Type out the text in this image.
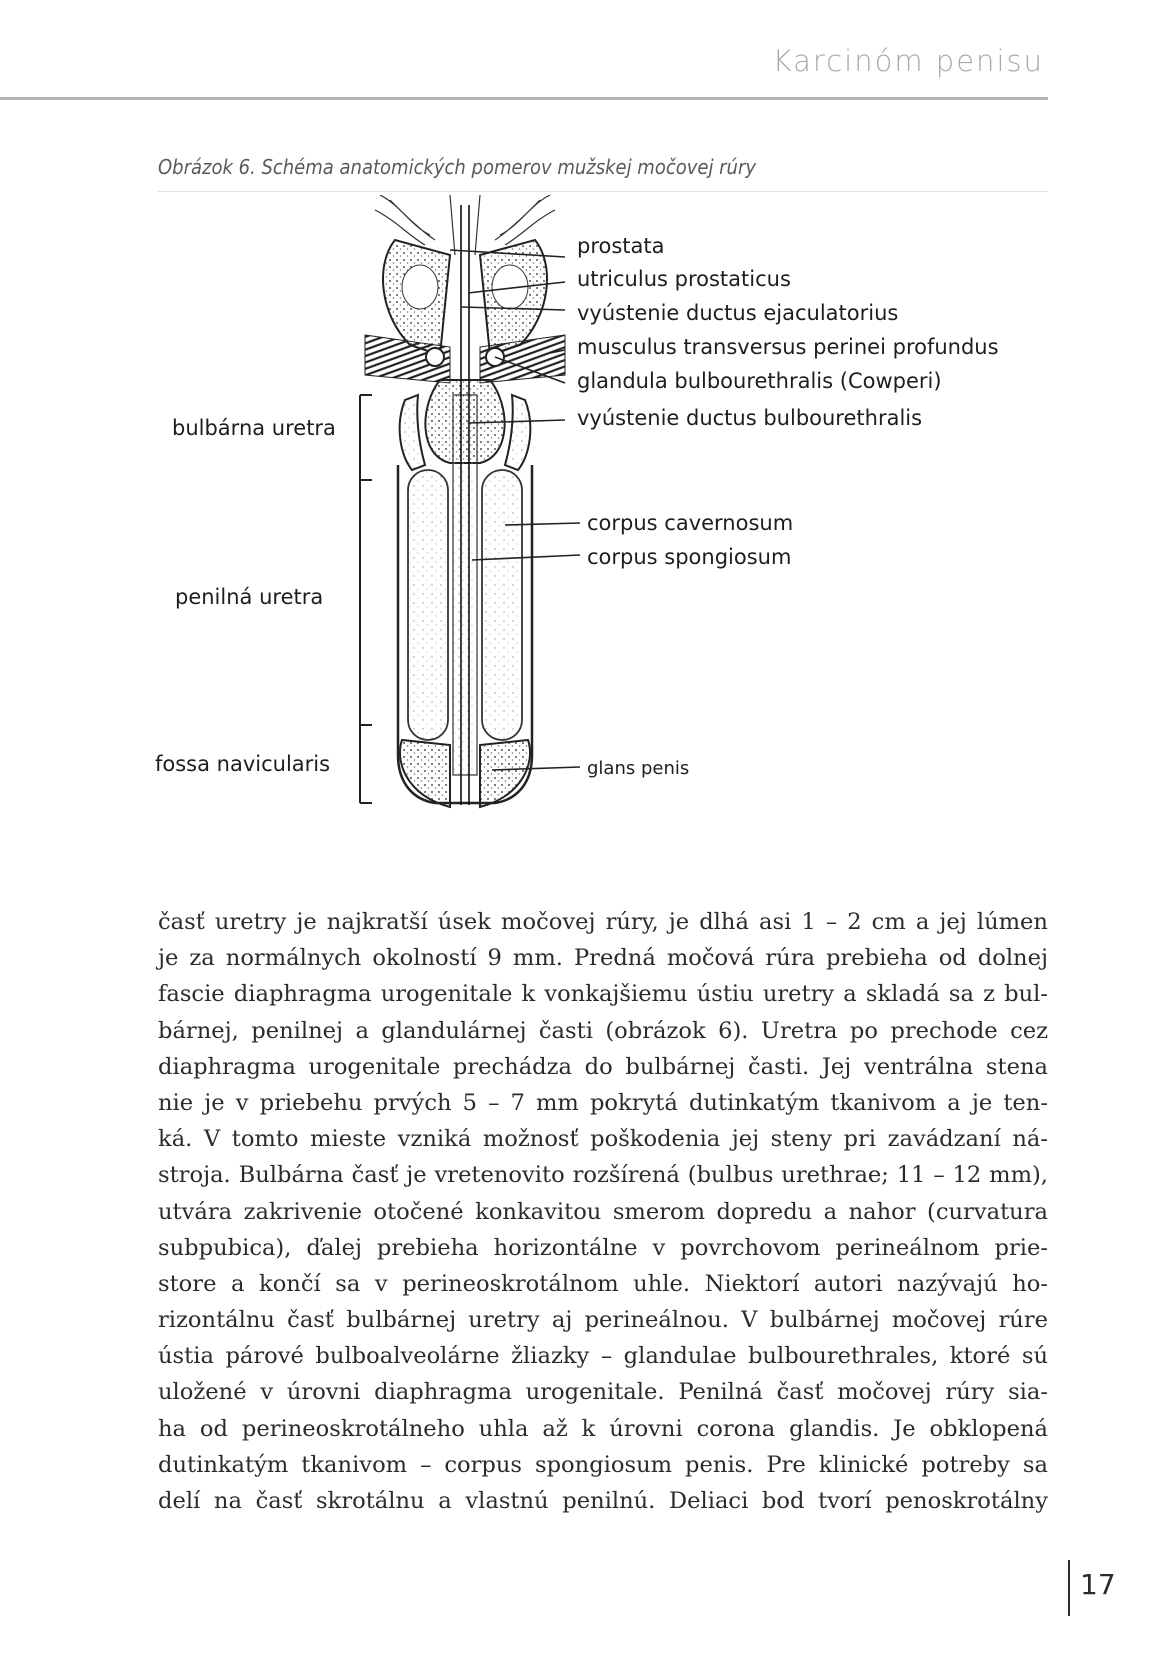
Karcinóm penisu
Obrázok 6. Schéma anatomických pomerov mužskej močovej rúry
prostata
utriculus prostaticus
vyústenie ductus ejaculatorius
musculus transversus perinei profundus
glandula bulbourethralis (Cowperi)
vyústenie ductus bulbourethralis
corpus cavernosum
corpus spongiosum
glans penis
bulbárna uretra
penilná uretra
fossa navicularis
časť uretry je najkratší úsek močovej rúry, je dlhá asi 1 – 2 cm a jej lúmen
je za normálnych okolností 9 mm. Predná močová rúra prebieha od dolnej
fascie diaphragma urogenitale k vonkajšiemu ústiu uretry a skladá sa z bul-
bárnej, penilnej a glandulárnej časti (obrázok 6). Uretra po prechode cez
diaphragma urogenitale prechádza do bulbárnej časti. Jej ventrálna stena
nie je v priebehu prvých 5 – 7 mm pokrytá dutinkatým tkanivom a je ten-
ká. V tomto mieste vzniká možnosť poškodenia jej steny pri zavádzaní ná-
stroja. Bulbárna časť je vretenovito rozšírená (bulbus urethrae; 11 – 12 mm),
utvára zakrivenie otočené konkavitou smerom dopredu a nahor (curvatura
subpubica), ďalej prebieha horizontálne v povrchovom perineálnom prie-
store a končí sa v perineoskrotálnom uhle. Niektorí autori nazývajú ho-
rizontálnu časť bulbárnej uretry aj perineálnou. V bulbárnej močovej rúre
ústia párové bulboalveolárne žliazky – glandulae bulbourethrales, ktoré sú
uložené v úrovni diaphragma urogenitale. Penilná časť močovej rúry sia-
ha od perineoskrotálneho uhla až k úrovni corona glandis. Je obklopená
dutinkatým tkanivom – corpus spongiosum penis. Pre klinické potreby sa
delí na časť skrotálnu a vlastnú penilnú. Deliaci bod tvorí penoskrotálny
17
